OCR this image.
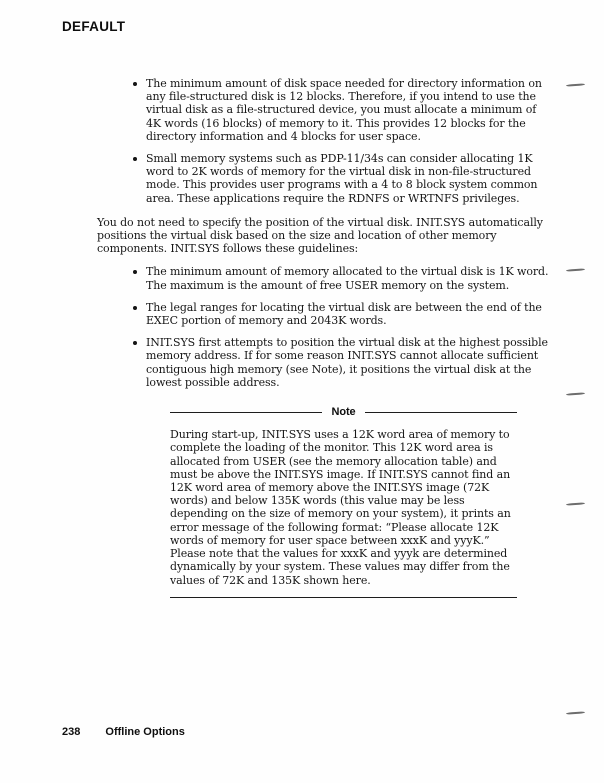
DEFAULT
The minimum amount of disk space needed for directory information on any file-structured disk is 12 blocks. Therefore, if you intend to use the virtual disk as a file-structured device, you must allocate a minimum of 4K words (16 blocks) of memory to it. This provides 12 blocks for the directory information and 4 blocks for user space.
Small memory systems such as PDP-11/34s can consider allocating 1K word to 2K words of memory for the virtual disk in non-file-structured mode. This provides user programs with a 4 to 8 block system common area. These applications require the RDNFS or WRTNFS privileges.

You do not need to specify the position of the virtual disk. INIT.SYS automatically positions the virtual disk based on the size and location of other memory components. INIT.SYS follows these guidelines:

The minimum amount of memory allocated to the virtual disk is 1K word. The maximum is the amount of free USER memory on the system.
The legal ranges for locating the virtual disk are between the end of the EXEC portion of memory and 2043K words.
INIT.SYS first attempts to position the virtual disk at the highest possible memory address. If for some reason INIT.SYS cannot allocate sufficient contiguous high memory (see Note), it positions the virtual disk at the lowest possible address.
Note

During start-up, INIT.SYS uses a 12K word area of memory to complete the loading of the monitor. This 12K word area is allocated from USER (see the memory allocation table) and must be above the INIT.SYS image. If INIT.SYS cannot find an 12K word area of memory above the INIT.SYS image (72K words) and below 135K words (this value may be less depending on the size of memory on your system), it prints an error message of the following format: “Please allocate 12K words of memory for user space between xxxK and yyyK.” Please note that the values for xxxK and yyyk are determined dynamically by your system. These values may differ from the values of 72K and 135K shown here.

238 Offline Options
